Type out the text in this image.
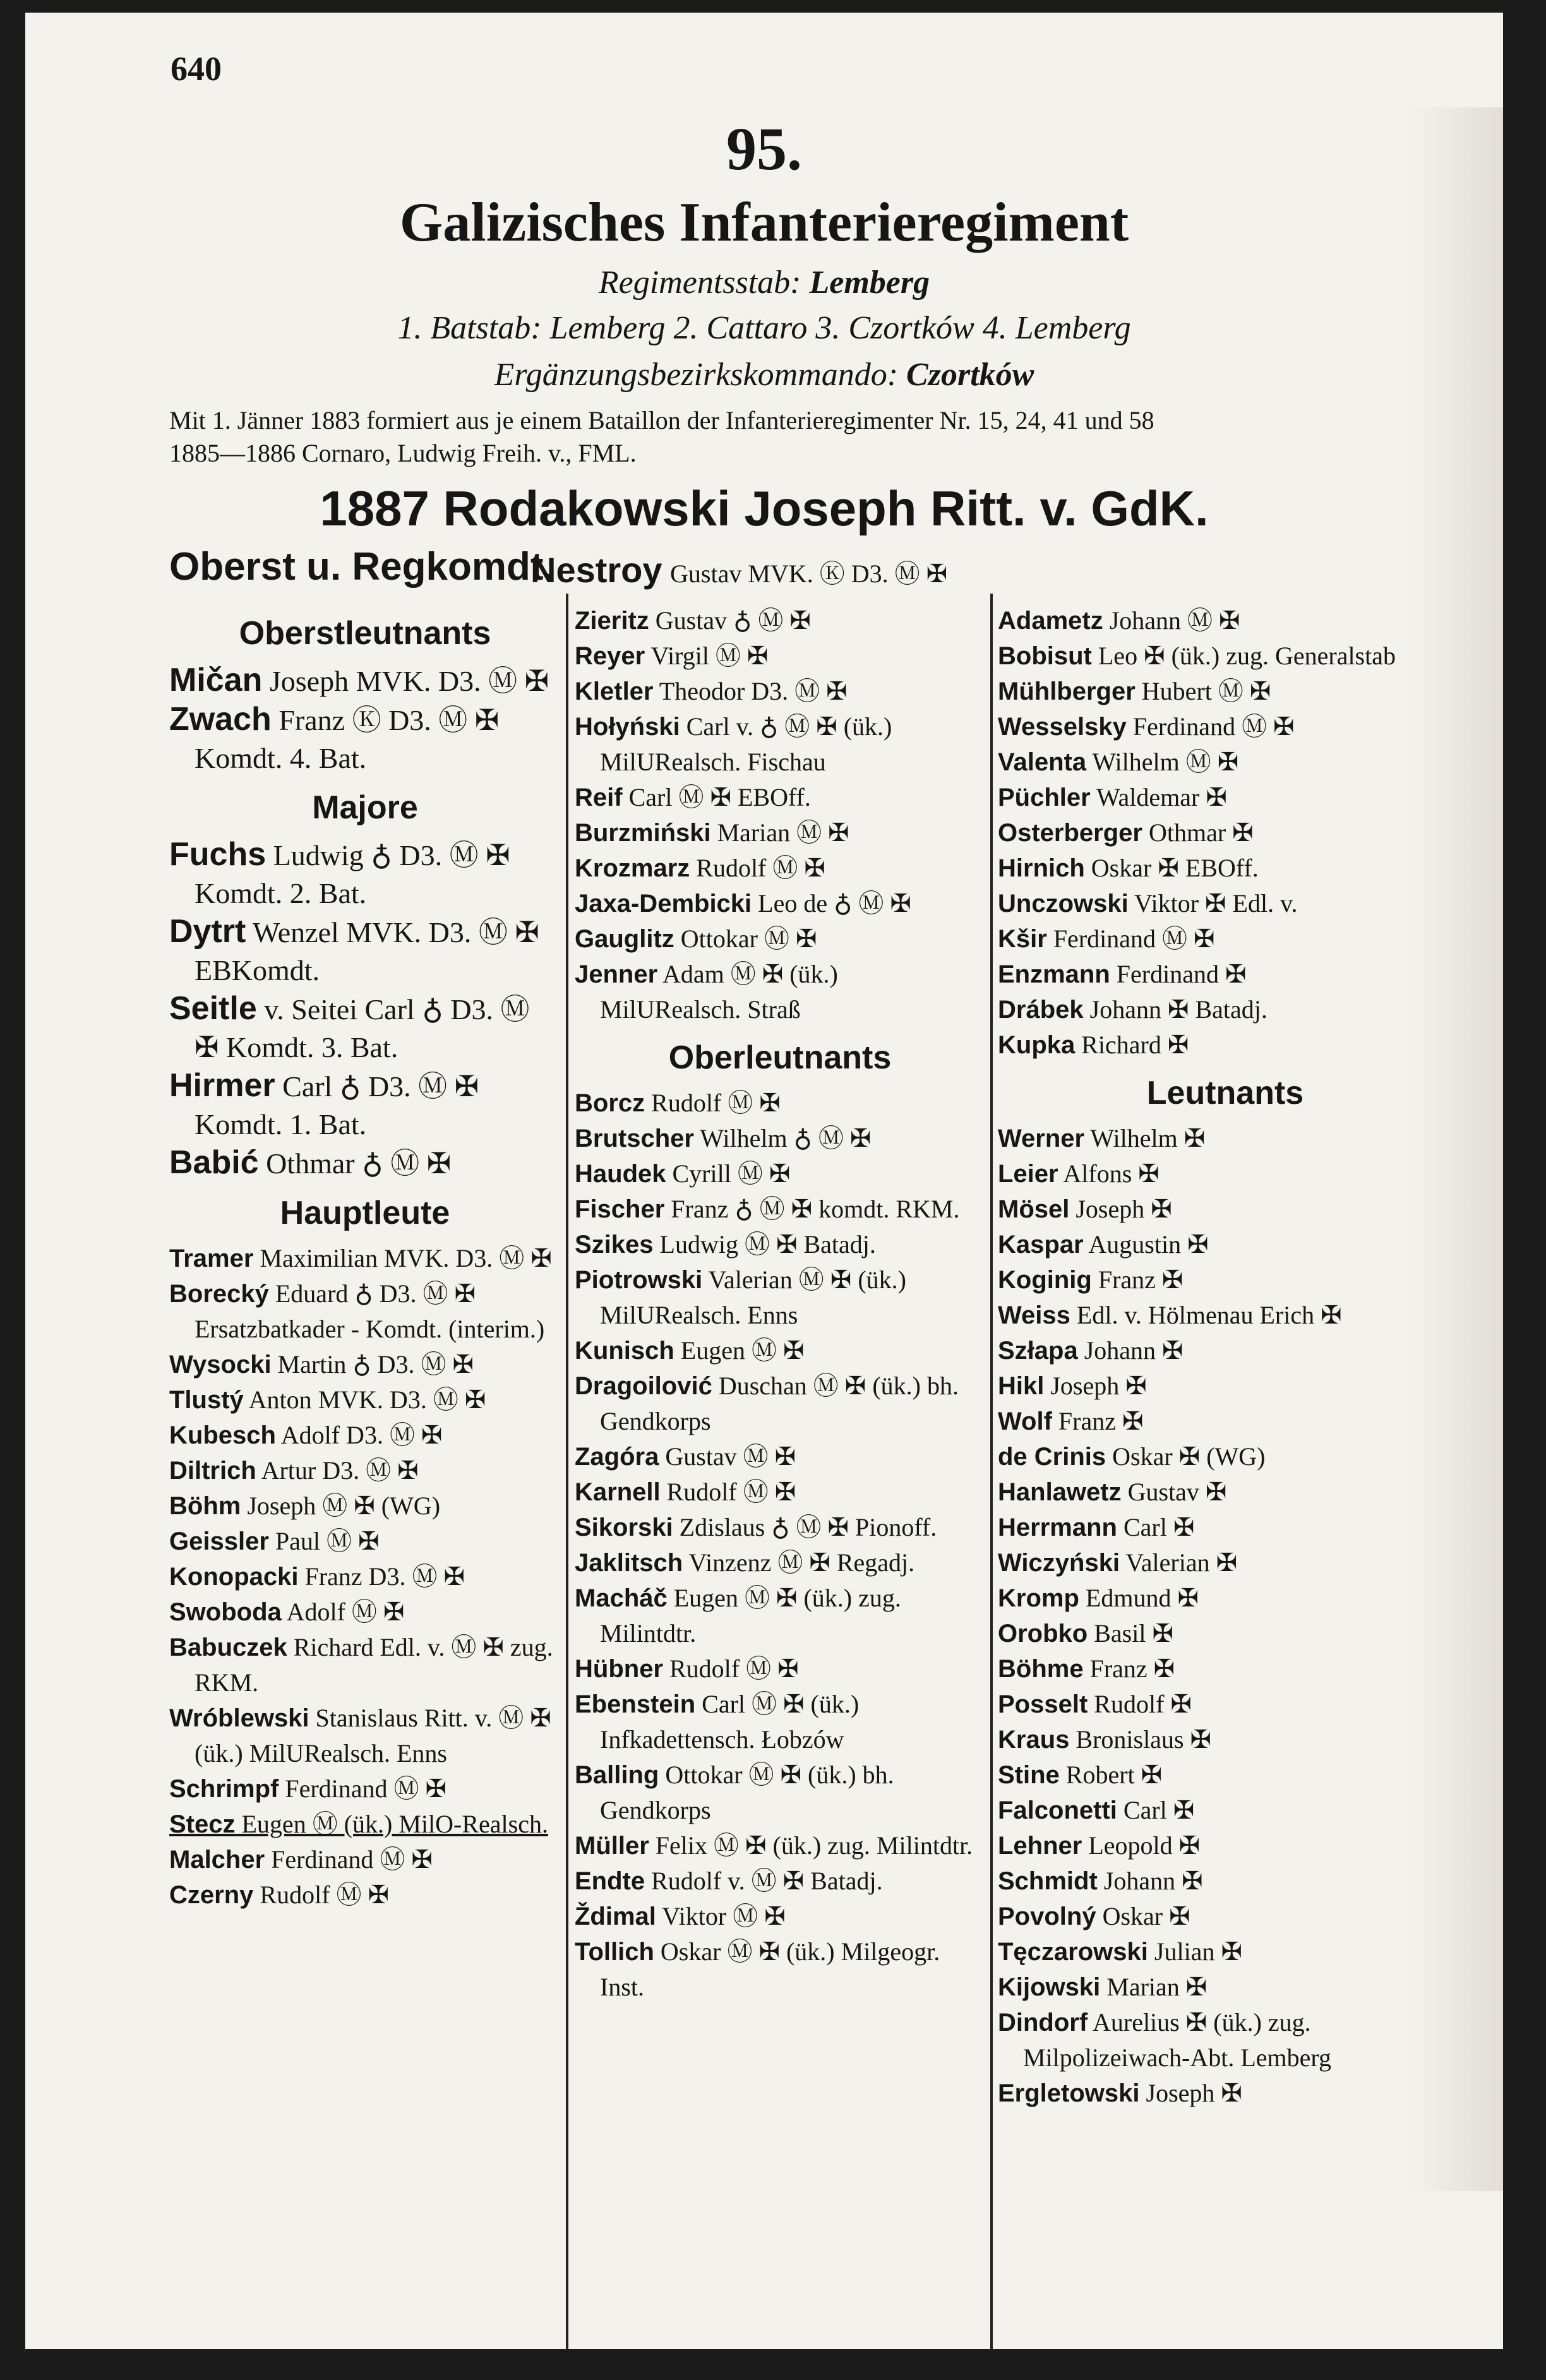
640
95.
Galizisches Infanterieregiment
Regimentsstab: Lemberg
1. Batstab: Lemberg 2. Cattaro 3. Czortków 4. Lemberg
Ergänzungsbezirkskommando: Czortków
Mit 1. Jänner 1883 formiert aus je einem Bataillon der Infanterieregimenter Nr. 15, 24, 41 und 58
1885—1886 Cornaro, Ludwig Freih. v., FML.
1887 Rodakowski Joseph Ritt. v. GdK.
Oberst u. Regkomdt.
Nestroy Gustav MVK. Ⓚ D3. Ⓜ ✠
Oberstleutnants
Mičan Joseph MVK. D3. Ⓜ ✠
Zwach Franz Ⓚ D3. Ⓜ ✠ Komdt. 4. Bat.
Majore
Fuchs Ludwig ♁ D3. Ⓜ ✠ Komdt. 2. Bat.
Dytrt Wenzel MVK. D3. Ⓜ ✠ EBKomdt.
Seitle v. Seitei Carl ♁ D3. Ⓜ ✠ Komdt. 3. Bat.
Hirmer Carl ♁ D3. Ⓜ ✠ Komdt. 1. Bat.
Babić Othmar ♁ Ⓜ ✠
Hauptleute
Tramer Maximilian MVK. D3. Ⓜ ✠
Borecký Eduard ♁ D3. Ⓜ ✠ Ersatzbatkader - Komdt. (interim.)
Wysocki Martin ♁ D3. Ⓜ ✠
Tlustý Anton MVK. D3. Ⓜ ✠
Kubesch Adolf D3. Ⓜ ✠
Diltrich Artur D3. Ⓜ ✠
Böhm Joseph Ⓜ ✠ (WG)
Geissler Paul Ⓜ ✠
Konopacki Franz D3. Ⓜ ✠
Swoboda Adolf Ⓜ ✠
Babuczek Richard Edl. v. Ⓜ ✠ zug. RKM.
Wróblewski Stanislaus Ritt. v. Ⓜ ✠ (ük.) MilURealsch. Enns
Schrimpf Ferdinand Ⓜ ✠
Stecz Eugen Ⓜ (ük.) MilO-Realsch.
Malcher Ferdinand Ⓜ ✠
Czerny Rudolf Ⓜ ✠
Zieritz Gustav ♁ Ⓜ ✠
Reyer Virgil Ⓜ ✠
Kletler Theodor D3. Ⓜ ✠
Hołyński Carl v. ♁ Ⓜ ✠ (ük.) MilURealsch. Fischau
Reif Carl Ⓜ ✠ EBOff.
Burzmiński Marian Ⓜ ✠
Krozmarz Rudolf Ⓜ ✠
Jaxa-Dembicki Leo de ♁ Ⓜ ✠
Gauglitz Ottokar Ⓜ ✠
Jenner Adam Ⓜ ✠ (ük.) MilURealsch. Straß
Oberleutnants
Borcz Rudolf Ⓜ ✠
Brutscher Wilhelm ♁ Ⓜ ✠
Haudek Cyrill Ⓜ ✠
Fischer Franz ♁ Ⓜ ✠ komdt. RKM.
Szikes Ludwig Ⓜ ✠ Batadj.
Piotrowski Valerian Ⓜ ✠ (ük.) MilURealsch. Enns
Kunisch Eugen Ⓜ ✠
Dragoilović Duschan Ⓜ ✠ (ük.) bh. Gendkorps
Zagóra Gustav Ⓜ ✠
Karnell Rudolf Ⓜ ✠
Sikorski Zdislaus ♁ Ⓜ ✠ Pionoff.
Jaklitsch Vinzenz Ⓜ ✠ Regadj.
Macháč Eugen Ⓜ ✠ (ük.) zug. Milintdtr.
Hübner Rudolf Ⓜ ✠
Ebenstein Carl Ⓜ ✠ (ük.) Infkadettensch. Łobzów
Balling Ottokar Ⓜ ✠ (ük.) bh. Gendkorps
Müller Felix Ⓜ ✠ (ük.) zug. Milintdtr.
Endte Rudolf v. Ⓜ ✠ Batadj.
Ždimal Viktor Ⓜ ✠
Tollich Oskar Ⓜ ✠ (ük.) Milgeogr. Inst.
Adametz Johann Ⓜ ✠
Bobisut Leo ✠ (ük.) zug. Generalstab
Mühlberger Hubert Ⓜ ✠
Wesselsky Ferdinand Ⓜ ✠
Valenta Wilhelm Ⓜ ✠
Püchler Waldemar ✠
Osterberger Othmar ✠
Hirnich Oskar ✠ EBOff.
Unczowski Viktor ✠ Edl. v.
Kšir Ferdinand Ⓜ ✠
Enzmann Ferdinand ✠
Drábek Johann ✠ Batadj.
Kupka Richard ✠
Leutnants
Werner Wilhelm ✠
Leier Alfons ✠
Mösel Joseph ✠
Kaspar Augustin ✠
Koginig Franz ✠
Weiss Edl. v. Hölmenau Erich ✠
Szłapa Johann ✠
Hikl Joseph ✠
Wolf Franz ✠
de Crinis Oskar ✠ (WG)
Hanlawetz Gustav ✠
Herrmann Carl ✠
Wiczyński Valerian ✠
Kromp Edmund ✠
Orobko Basil ✠
Böhme Franz ✠
Posselt Rudolf ✠
Kraus Bronislaus ✠
Stine Robert ✠
Falconetti Carl ✠
Lehner Leopold ✠
Schmidt Johann ✠
Povolný Oskar ✠
Tęczarowski Julian ✠
Kijowski Marian ✠
Dindorf Aurelius ✠ (ük.) zug. Milpolizeiwach-Abt. Lemberg
Ergletowski Joseph ✠
